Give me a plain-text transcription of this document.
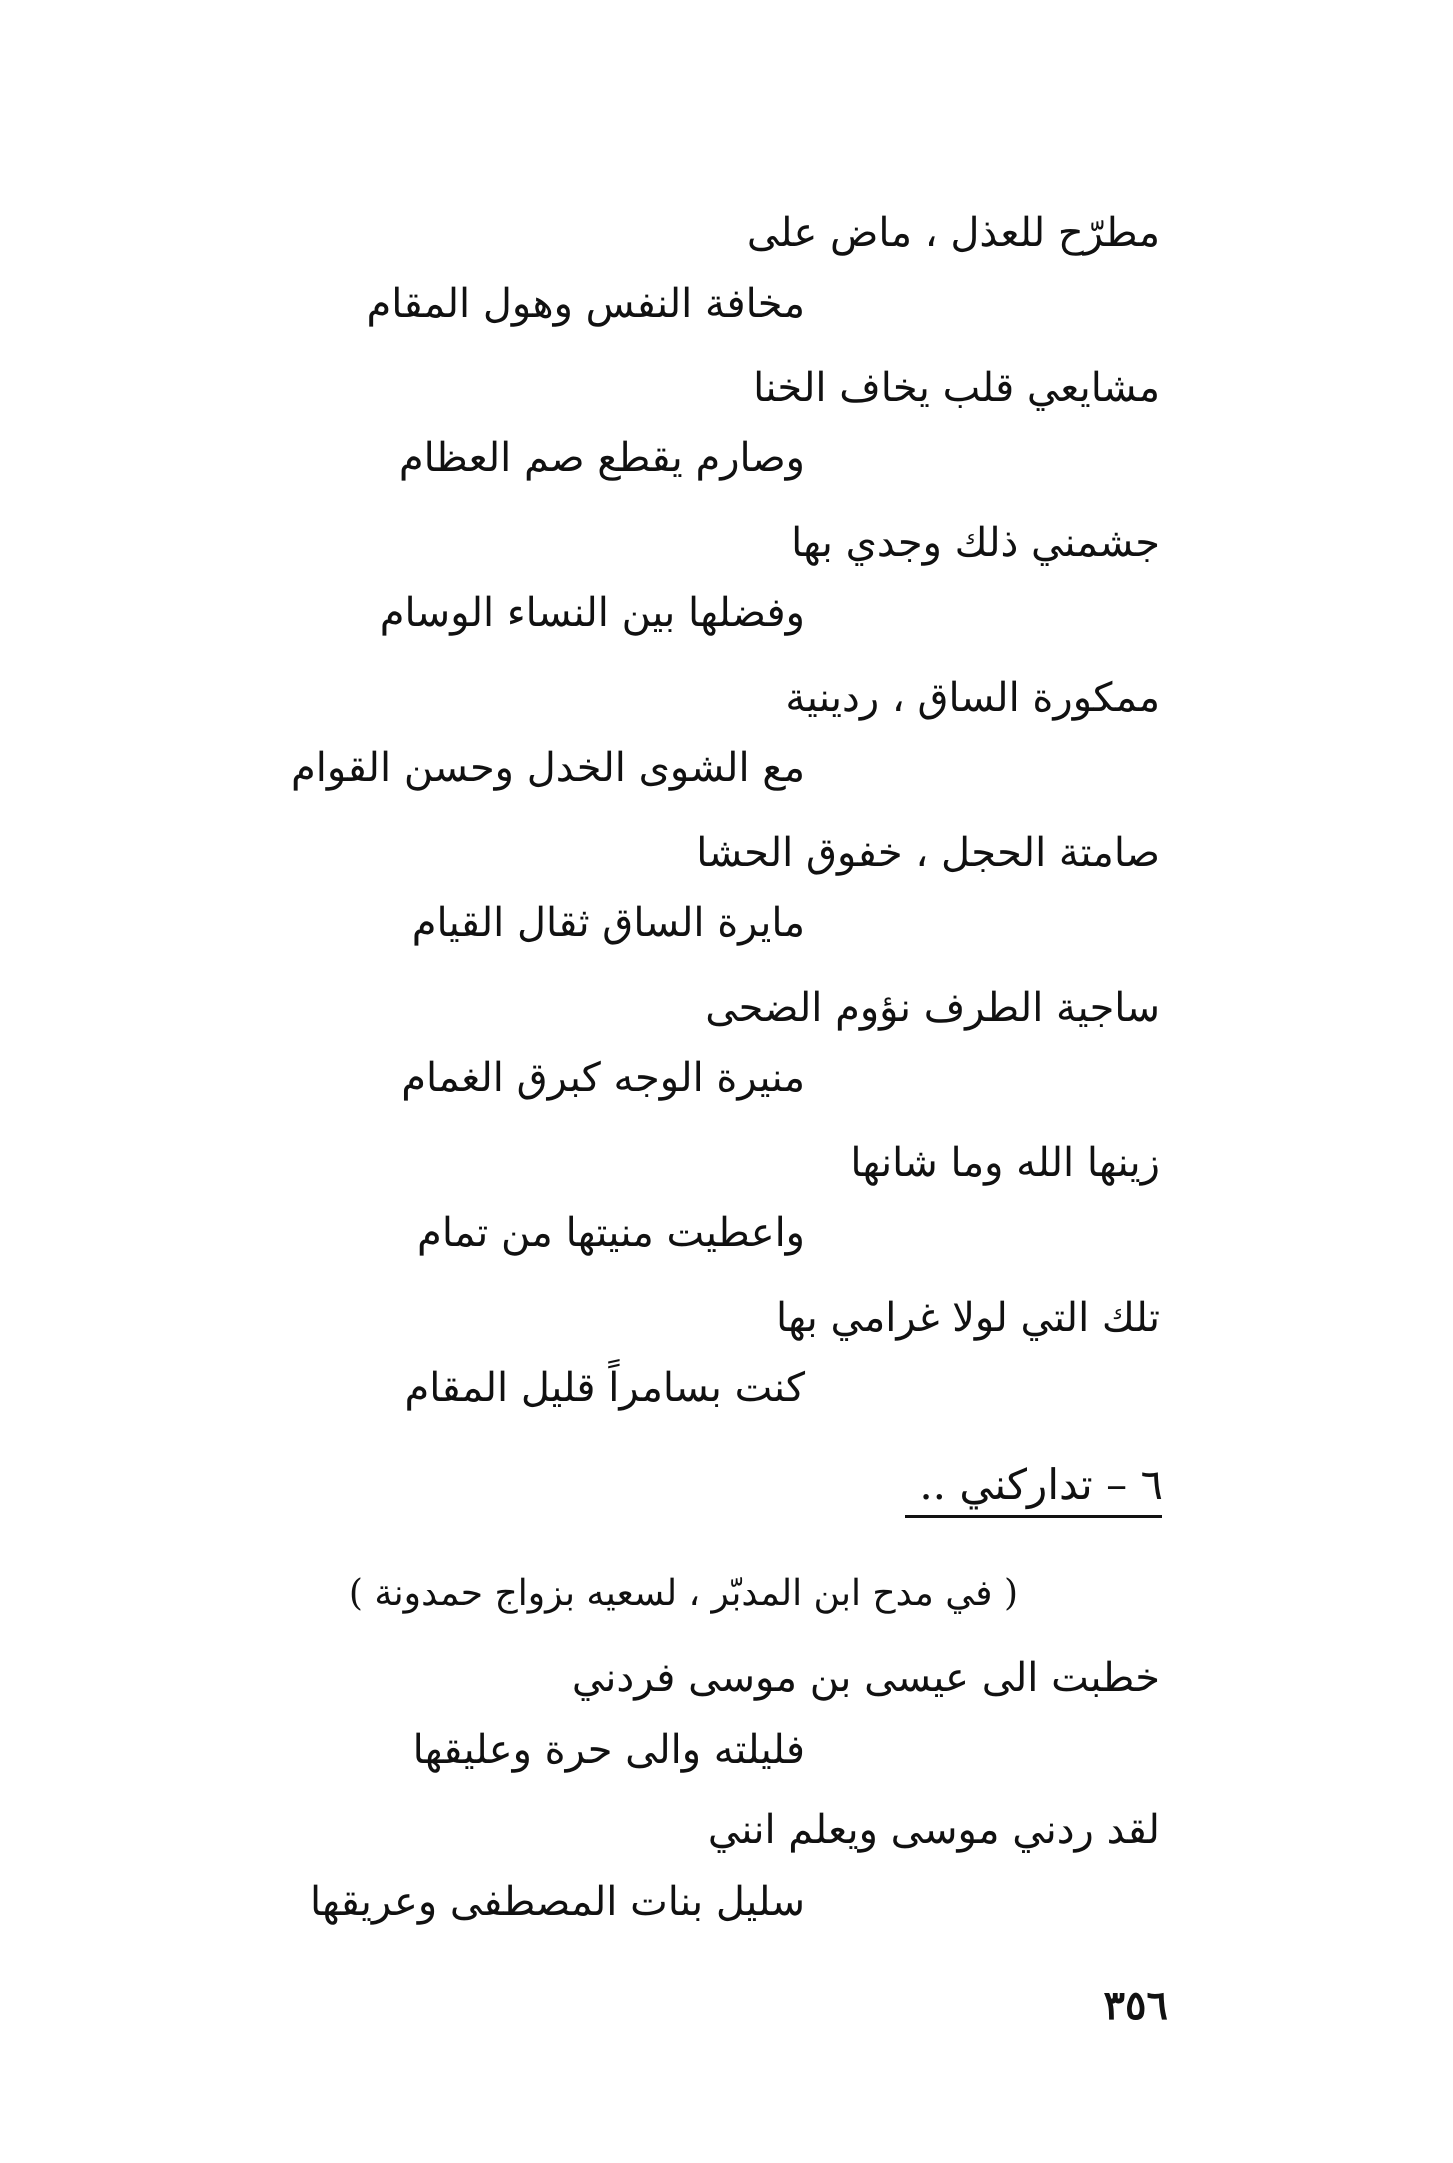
مطرّح للعذل ، ماض على
مخافة النفس وهول المقام
مشايعي قلب يخاف الخنا
وصارم يقطع صم العظام
جشمني ذلك وجدي بها
وفضلها بين النساء الوسام
ممكورة الساق ، ردينية
مع الشوى الخدل وحسن القوام
صامتة الحجل ، خفوق الحشا
مايرة الساق ثقال القيام
ساجية الطرف نؤوم الضحى
منيرة الوجه كبرق الغمام
زينها الله وما شانها
واعطيت منيتها من تمام
تلك التي لولا غرامي بها
كنت بسامراً قليل المقام
٦ – تداركني ..
( في مدح ابن المدبّر ، لسعيه بزواج حمدونة )
خطبت الى عيسى بن موسى فردني
فليلته والى حرة وعليقها
لقد ردني موسى ويعلم انني
سليل بنات المصطفى وعريقها
٣٥٦
